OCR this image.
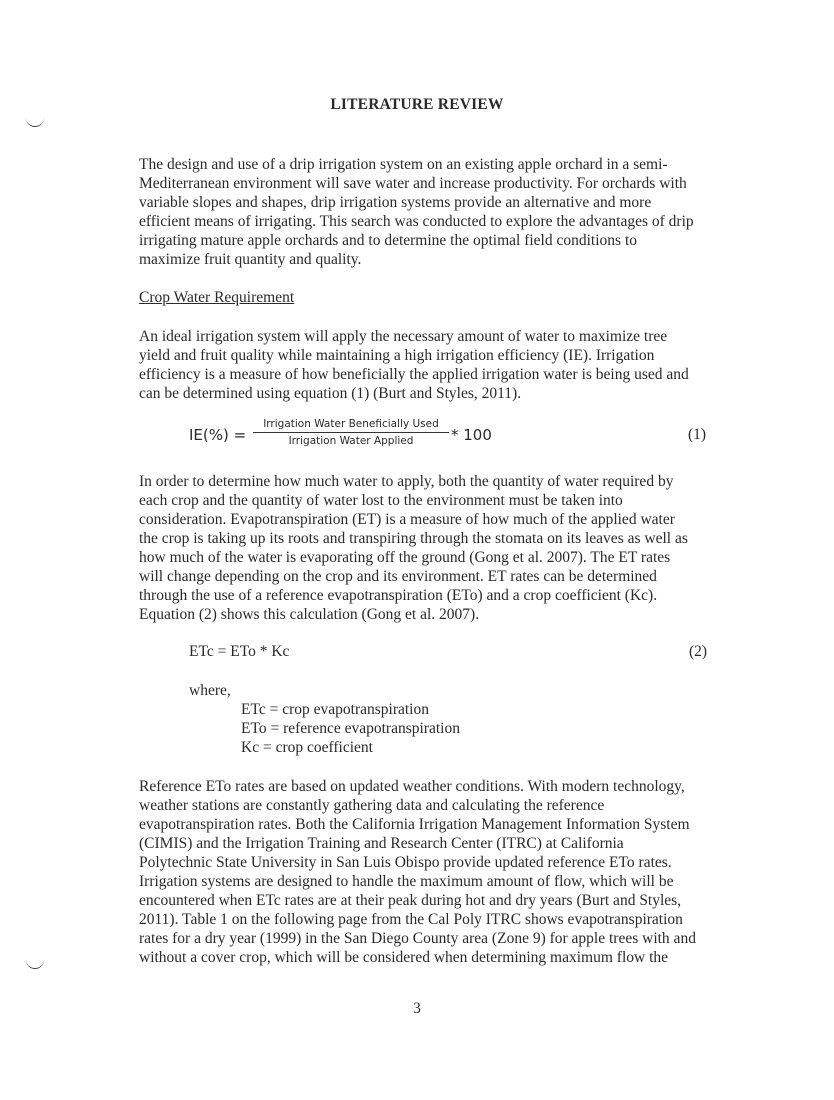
LITERATURE REVIEW

The design and use of a drip irrigation system on an existing apple orchard in a semi-
Mediterranean environment will save water and increase productivity. For orchards with
variable slopes and shapes, drip irrigation systems provide an alternative and more
efficient means of irrigating. This search was conducted to explore the advantages of drip
irrigating mature apple orchards and to determine the optimal field conditions to
maximize fruit quantity and quality.

Crop Water Requirement

An ideal irrigation system will apply the necessary amount of water to maximize tree
yield and fruit quality while maintaining a high irrigation efficiency (IE). Irrigation
efficiency is a measure of how beneficially the applied irrigation water is being used and
can be determined using equation (1) (Burt and Styles, 2011).

IE(%) =
Irrigation Water Beneficially Used
Irrigation Water Applied	* 100	(1)

In order to determine how much water to apply, both the quantity of water required by
each crop and the quantity of water lost to the environment must be taken into
consideration. Evapotranspiration (ET) is a measure of how much of the applied water
the crop is taking up its roots and transpiring through the stomata on its leaves as well as
how much of the water is evaporating off the ground (Gong et al. 2007). The ET rates
will change depending on the crop and its environment. ET rates can be determined
through the use of a reference evapotranspiration (ETo) and a crop coefficient (Kc).
Equation (2) shows this calculation (Gong et al. 2007).

ETc = ETo * Kc	(2)
where,
ETc = crop evapotranspiration
ETo = reference evapotranspiration
Kc = crop coefficient

Reference ETo rates are based on updated weather conditions. With modern technology,
weather stations are constantly gathering data and calculating the reference
evapotranspiration rates. Both the California Irrigation Management Information System
(CIMIS) and the Irrigation Training and Research Center (ITRC) at California
Polytechnic State University in San Luis Obispo provide updated reference ETo rates.
Irrigation systems are designed to handle the maximum amount of flow, which will be
encountered when ETc rates are at their peak during hot and dry years (Burt and Styles,
2011). Table 1 on the following page from the Cal Poly ITRC shows evapotranspiration
rates for a dry year (1999) in the San Diego County area (Zone 9) for apple trees with and
without a cover crop, which will be considered when determining maximum flow the

3
